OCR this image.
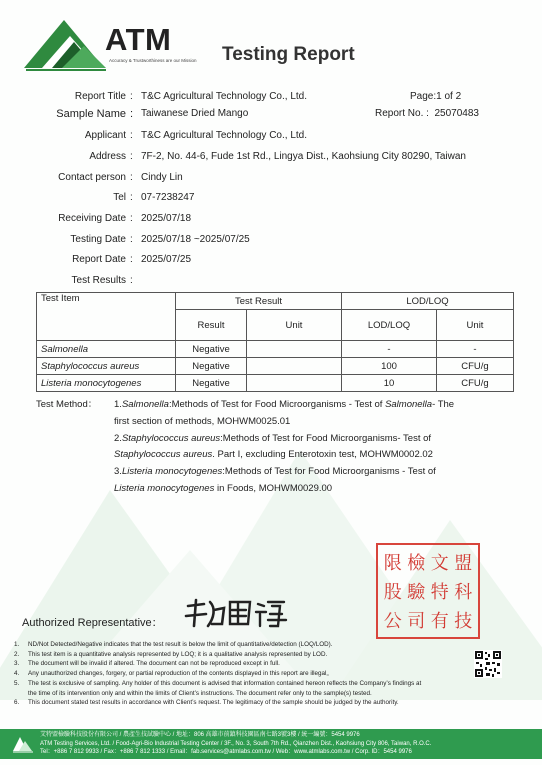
ATM
Accuracy & Trustworthiness are our Mission Testing Report
Report Title : T&C Agricultural Technology Co., Ltd.	Page:1 of 2
Sample Name : Taiwanese Dried Mango	Report No. :  25070483
Applicant : T&C Agricultural Technology Co., Ltd.
Address : 7F-2, No. 44-6, Fude 1st Rd., Lingya Dist., Kaohsiung City 80290, Taiwan
Contact person : Cindy Lin
Tel : 07-7238247
Receiving Date : 2025/07/18
Testing Date : 2025/07/18 ~2025/07/25
Report Date : 2025/07/25
Test Results :
Test Item	Test Result		LOD/LOQ	
	Result	Unit	LOD/LOQ	Unit
Salmonella	Negative		-	-
Staphylococcus aureus	Negative		100	CFU/g
Listeria monocytogenes	Negative		10	CFU/g
Test Method： 1.Salmonella:Methods of Test for Food Microorganisms - Test of Salmonella- The
first section of methods, MOHWM0025.01
2.Staphylococcus aureus:Methods of Test for Food Microorganisms- Test of
Staphylococcus aureus. Part I, excluding Enterotoxin test, MOHWM0002.02
3.Listeria monocytogenes:Methods of Test for Food Microorganisms - Test of
Listeria monocytogenes in Foods, MOHWM0029.00
限 檢 文 盟
股 驗 特 科
公 司 有 技
Authorized Representative：
1. ND/Not Detected/Negative indicates that the test result is below the limit of quantitative/detection (LOQ/LOD).
2. This test item is a quantitative analysis represented by LOQ; it is a qualitative analysis represented by LOD.
3. The document will be invalid if altered. The document can not be reproduced except in full.
4. Any unauthorized changes, forgery, or partial reproduction of the contents displayed in this report are illegal。
5. The test is exclusive of sampling. Any holder of this document is advised that information contained hereon reflects the Company’s findings at
the time of its intervention only and within the limits of Client’s instructions. The document refer only to the sample(s) tested.
6. This document stated test results in accordance with Client’s request. The legitimacy of the sample should be judged by the authority.
艾特盟檢驗科技股份有限公司 / 農產生技試驗中心 / 地址：806 高雄市前鎮科技園區南七路3號3樓 / 統一編號：5454 9976
ATM Testing Services, Ltd. / Food-Agri-Bio Industrial Testing Center / 3F., No. 3, South 7th Rd., Qianzhen Dist., Kaohsiung City 806, Taiwan, R.O.C.
Tel：+886 7 812 9933 / Fax：+886 7 812 1333 / Email：fab.services@atmlabs.com.tw / Web：www.atmlabs.com.tw / Corp. ID：5454 9976
